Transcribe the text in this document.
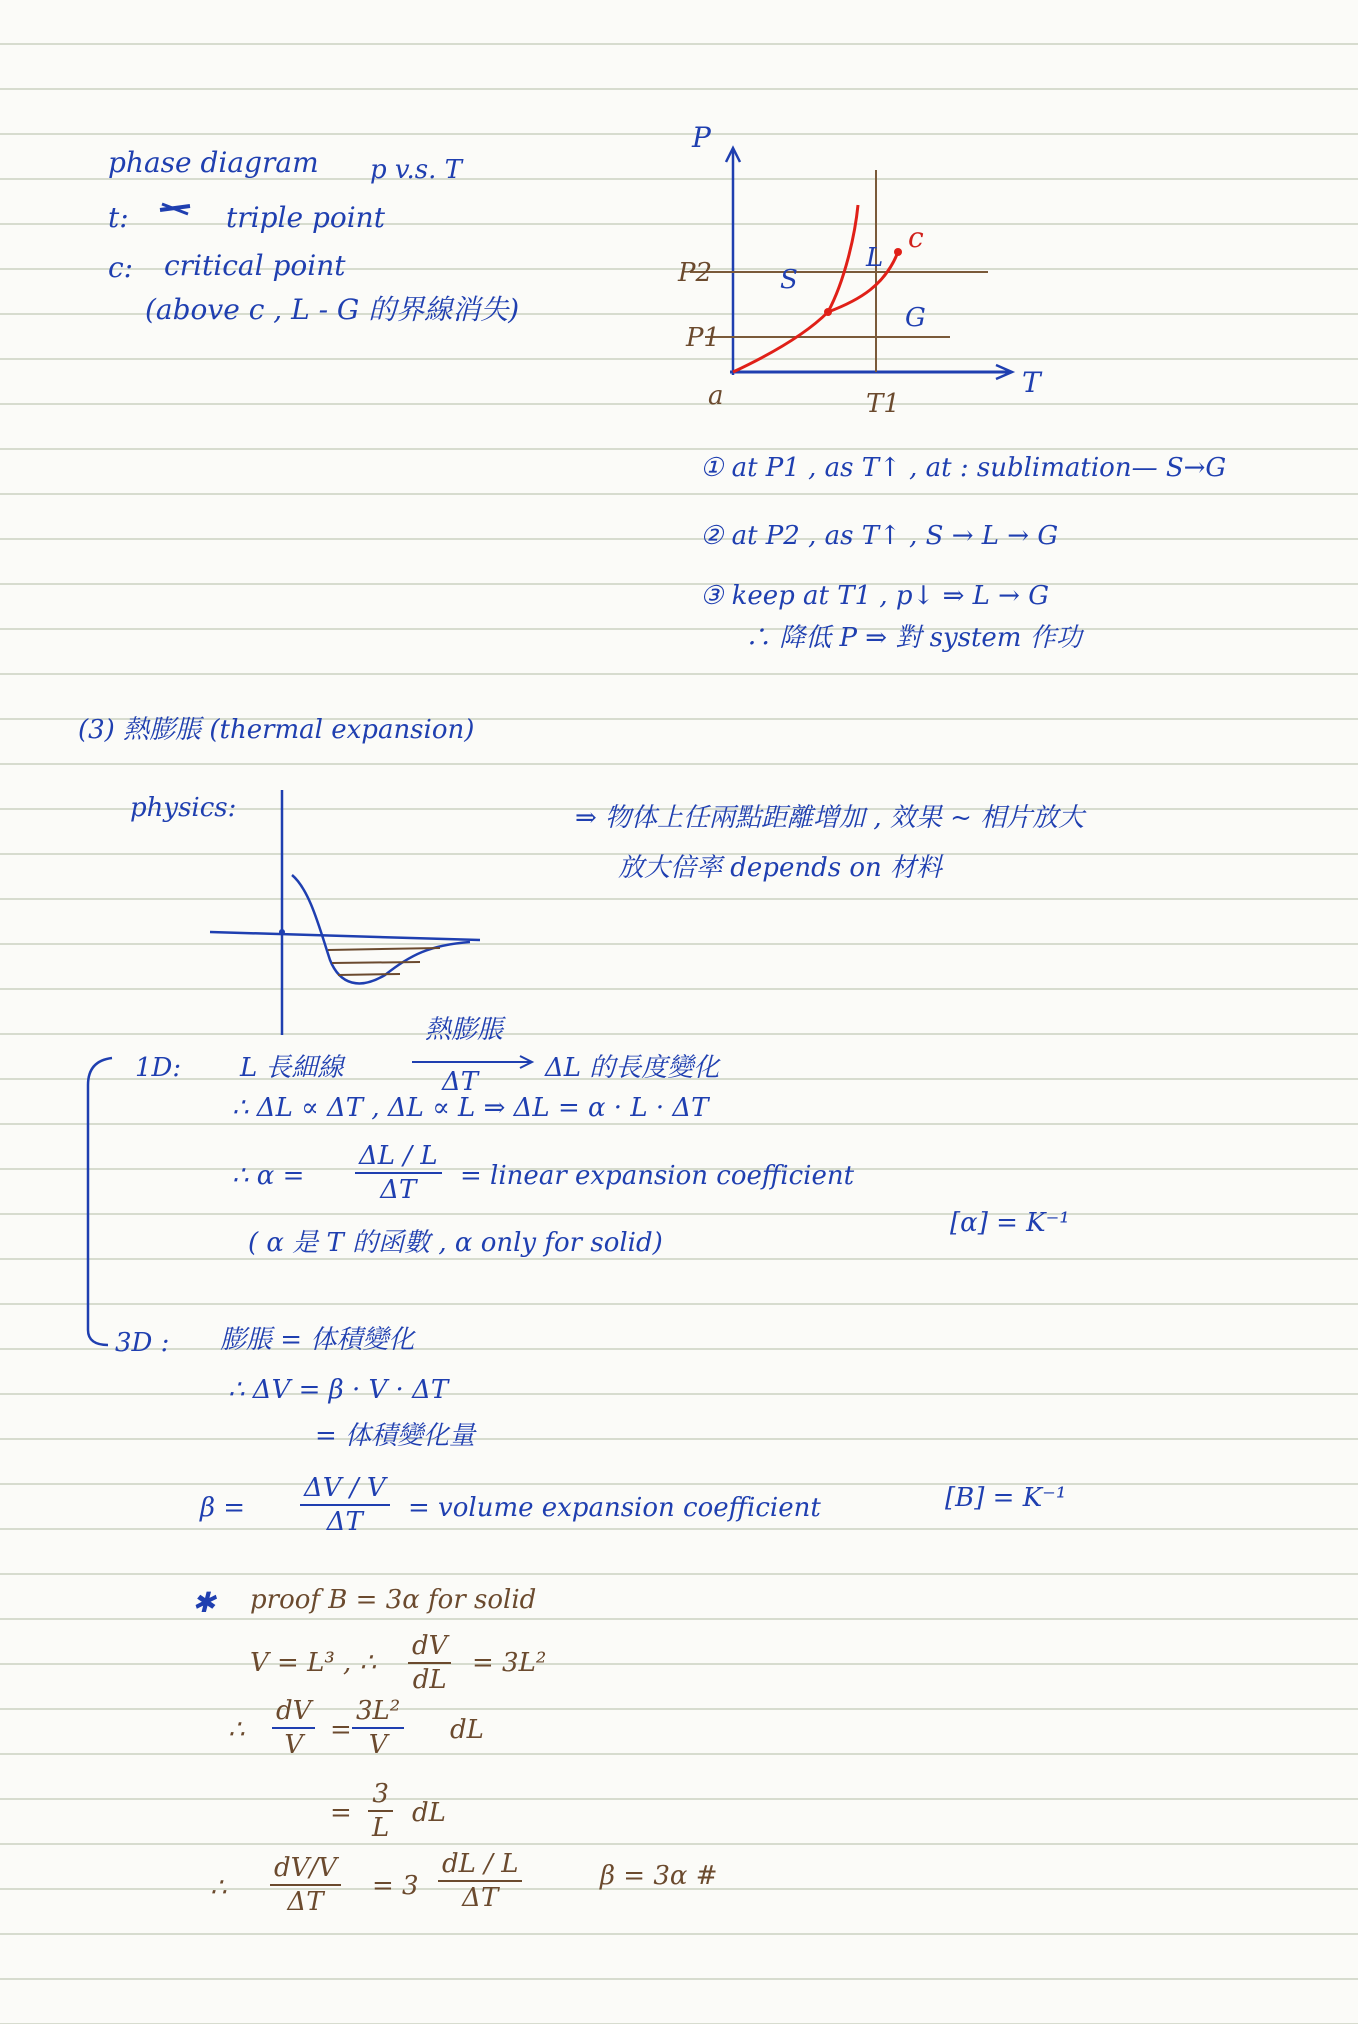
phase diagram p v.s. T
t:	triple point
c: critical point
(above c , L - G 的界線消失)
P
T
P2
P1
a	T1
S
L
G
c
① at P1 , as T↑ , at : sublimation— S→G
② at P2 , as T↑ , S → L → G
③ keep at T1 , p↓ ⇒ L → G
∴ 降低 P ⇒ 對 system 作功
(3) 熱膨脹 (thermal expansion)
physics:	⇒ 物体上任兩點距離增加 , 效果 ~ 相片放大
放大倍率 depends on 材料
1D: L 長細線
熱膨脹
ΔT	ΔL 的長度變化
∴ ΔL ∝ ΔT , ΔL ∝ L ⇒ ΔL = α · L · ΔT
∴ $\alpha = \frac{\Delta L / L}{\Delta T}$ = linear expansion coefficient
( α 是 T 的函數 , α only for solid)
[α] = K⁻¹
3D : 膨脹 = 体積變化
∴ ΔV = β · V · ΔT
= 体積變化量
$\beta = \frac{\Delta V / V}{\Delta T}$ = volume expansion coefficient	[B] = K⁻¹
✱ proof B = 3α for solid
V = L³ , ∴ $\frac{dV}{dL} = 3L^2$
∴ $\frac{dV}{V} = \frac{\text{3L²}}{V}$ dL
= $\frac{3}{L}$ dL
∴ $\frac{dV/V}{\Delta T} = 3 \frac{dL / L}{\Delta T}$	β = 3α #
